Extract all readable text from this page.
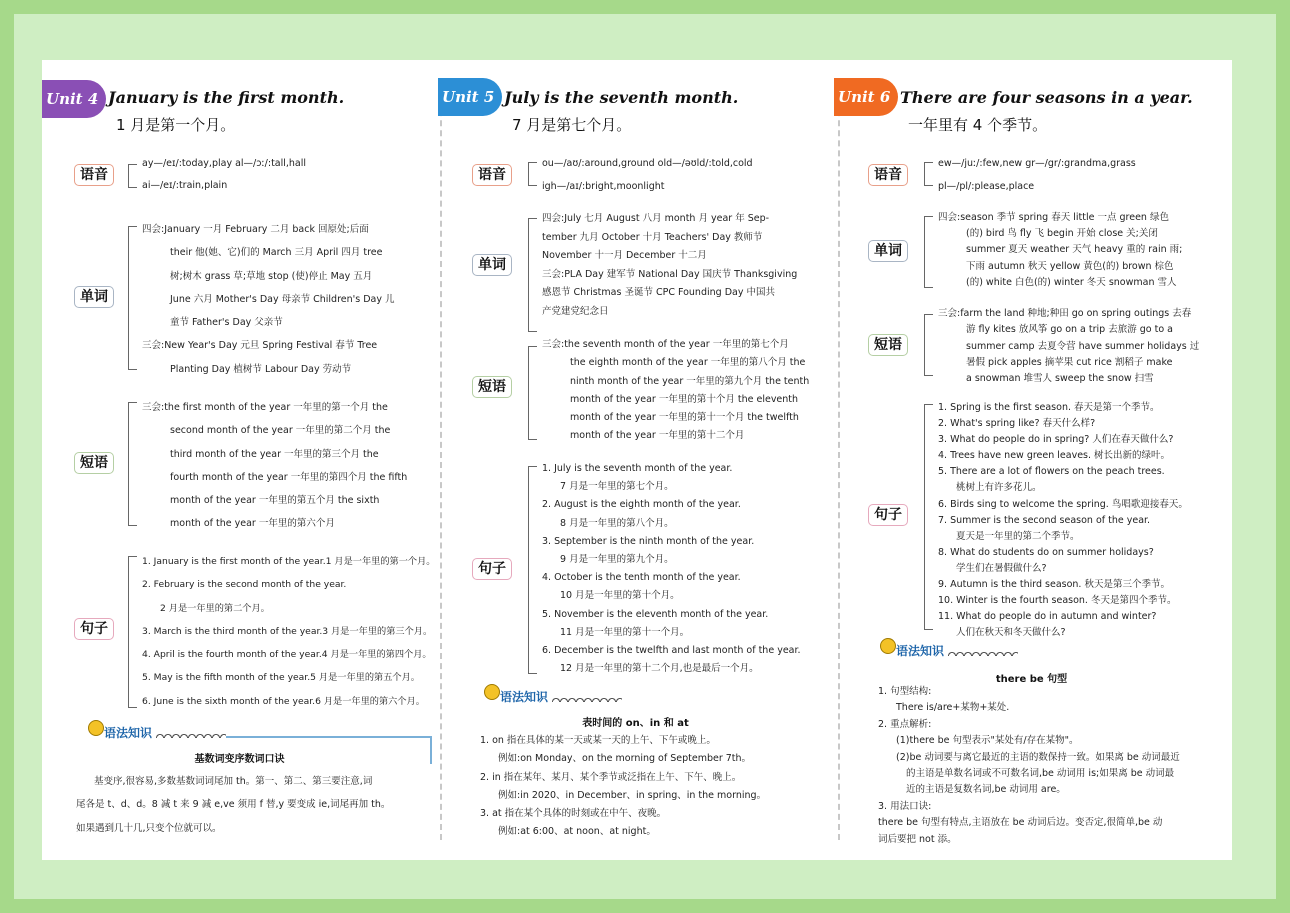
Unit 4 January is the first month.
1 月是第一个月。
语音
ay—/eɪ/:today,play al—/ɔː/:tall,hall
ai—/eɪ/:train,plain
单词
四会:January 一月 February 二月 back 回原处;后面
their 他(她、它)们的 March 三月 April 四月 tree
树;树木 grass 草;草地 stop (使)停止 May 五月
June 六月 Mother's Day 母亲节 Children's Day 儿
童节 Father's Day 父亲节
三会:New Year's Day 元旦 Spring Festival 春节 Tree
Planting Day 植树节 Labour Day 劳动节
短语
三会:the first month of the year 一年里的第一个月 the
second month of the year 一年里的第二个月 the
third month of the year 一年里的第三个月 the
fourth month of the year 一年里的第四个月 the fifth
month of the year 一年里的第五个月 the sixth
month of the year 一年里的第六个月
句子
1. January is the first month of the year.1 月是一年里的第一个月。
2. February is the second month of the year.
2 月是一年里的第二个月。
3. March is the third month of the year.3 月是一年里的第三个月。
4. April is the fourth month of the year.4 月是一年里的第四个月。
5. May is the fifth month of the year.5 月是一年里的第五个月。
6. June is the sixth month of the year.6 月是一年里的第六个月。
语法知识
基数词变序数词口诀
基变序,很容易,多数基数词词尾加 th。第一、第二、第三要注意,词
尾各是 t、d、d。8 减 t 来 9 减 e,ve 须用 f 替,y 要变成 ie,词尾再加 th。
如果遇到几十几,只变个位就可以。
Unit 5 July is the seventh month.
7 月是第七个月。
语音
ou—/aʊ/:around,ground old—/əʊld/:told,cold
igh—/aɪ/:bright,moonlight
单词
四会:July 七月 August 八月 month 月 year 年 Sep-
tember 九月 October 十月 Teachers' Day 教师节
November 十一月 December 十二月
三会:PLA Day 建军节 National Day 国庆节 Thanksgiving
感恩节 Christmas 圣诞节 CPC Founding Day 中国共
产党建党纪念日
短语
三会:the seventh month of the year 一年里的第七个月
the eighth month of the year 一年里的第八个月 the
ninth month of the year 一年里的第九个月 the tenth
month of the year 一年里的第十个月 the eleventh
month of the year 一年里的第十一个月 the twelfth
month of the year 一年里的第十二个月
句子
1. July is the seventh month of the year.
7 月是一年里的第七个月。
2. August is the eighth month of the year.
8 月是一年里的第八个月。
3. September is the ninth month of the year.
9 月是一年里的第九个月。
4. October is the tenth month of the year.
10 月是一年里的第十个月。
5. November is the eleventh month of the year.
11 月是一年里的第十一个月。
6. December is the twelfth and last month of the year.
12 月是一年里的第十二个月,也是最后一个月。
语法知识
表时间的 on、in 和 at
1. on 指在具体的某一天或某一天的上午、下午或晚上。
例如:on Monday、on the morning of September 7th。
2. in 指在某年、某月、某个季节或泛指在上午、下午、晚上。
例如:in 2020、in December、in spring、in the morning。
3. at 指在某个具体的时刻或在中午、夜晚。
例如:at 6:00、at noon、at night。
Unit 6 There are four seasons in a year.
一年里有 4 个季节。
语音
ew—/juː/:few,new gr—/gr/:grandma,grass
pl—/pl/:please,place
单词
四会:season 季节 spring 春天 little 一点 green 绿色
(的) bird 鸟 fly 飞 begin 开始 close 关;关闭
summer 夏天 weather 天气 heavy 重的 rain 雨;
下雨 autumn 秋天 yellow 黄色(的) brown 棕色
(的) white 白色(的) winter 冬天 snowman 雪人
短语
三会:farm the land 种地;种田 go on spring outings 去春
游 fly kites 放风筝 go on a trip 去旅游 go to a
summer camp 去夏令营 have summer holidays 过
暑假 pick apples 摘苹果 cut rice 割稻子 make
a snowman 堆雪人 sweep the snow 扫雪
句子
1. Spring is the first season. 春天是第一个季节。
2. What's spring like? 春天什么样?
3. What do people do in spring? 人们在春天做什么?
4. Trees have new green leaves. 树长出新的绿叶。
5. There are a lot of flowers on the peach trees.
桃树上有许多花儿。
6. Birds sing to welcome the spring. 鸟唱歌迎接春天。
7. Summer is the second season of the year.
夏天是一年里的第二个季节。
8. What do students do on summer holidays?
学生们在暑假做什么?
9. Autumn is the third season. 秋天是第三个季节。
10. Winter is the fourth season. 冬天是第四个季节。
11. What do people do in autumn and winter?
人们在秋天和冬天做什么?
语法知识
there be 句型
1. 句型结构:
There is/are+某物+某处.
2. 重点解析:
(1)there be 句型表示"某处有/存在某物"。
(2)be 动词要与离它最近的主语的数保持一致。如果离 be 动词最近
的主语是单数名词或不可数名词,be 动词用 is;如果离 be 动词最
近的主语是复数名词,be 动词用 are。
3. 用法口诀:
there be 句型有特点,主语放在 be 动词后边。变否定,很简单,be 动
词后要把 not 添。
